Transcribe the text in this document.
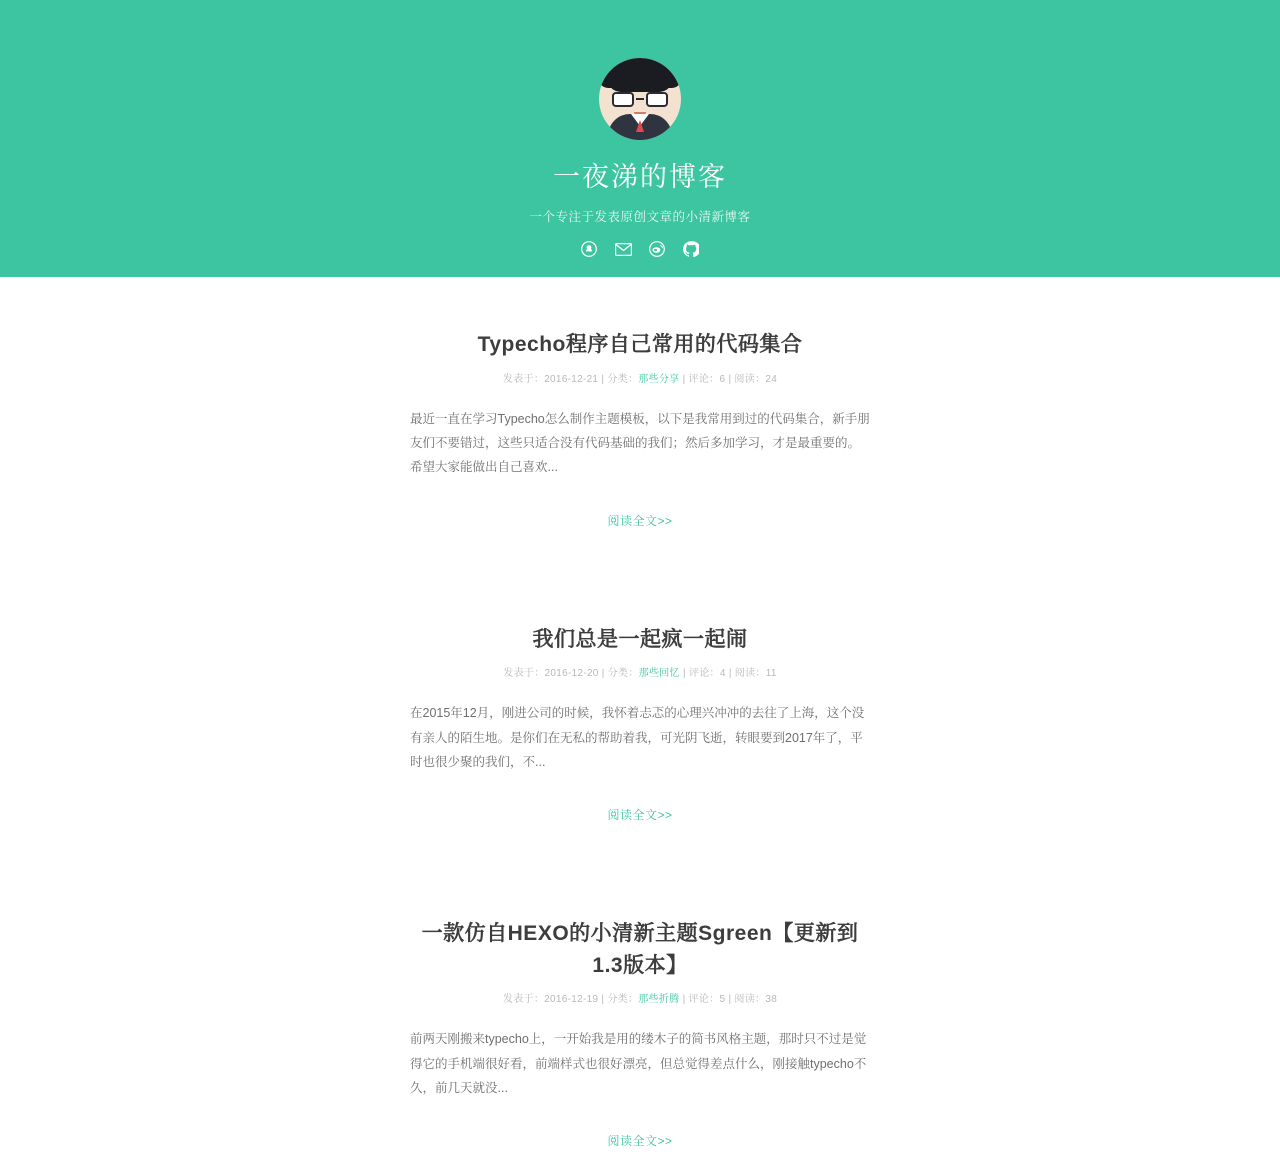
一夜涕的博客
一个专注于发表原创文章的小清新博客
首页	归档	友链	关于
Typecho程序自己常用的代码集合
发表于：2016-12-21 | 分类：那些分享 | 评论：6 | 阅读：24

最近一直在学习Typecho怎么制作主题模板，以下是我常用到过的代码集合，新手朋友们不要错过，这些只适合没有代码基础的我们；然后多加学习，才是最重要的。希望大家能做出自己喜欢...

阅读全文>>
我们总是一起疯一起闹
发表于：2016-12-20 | 分类：那些回忆 | 评论：4 | 阅读：11

在2015年12月，刚进公司的时候，我怀着忐忑的心理兴冲冲的去往了上海，这个没有亲人的陌生地。是你们在无私的帮助着我，可光阴飞逝，转眼要到2017年了，平时也很少聚的我们，不...

阅读全文>>
一款仿自HEXO的小清新主题Sgreen【更新到1.3版本】
发表于：2016-12-19 | 分类：那些折腾 | 评论：5 | 阅读：38

前两天刚搬来typecho上，一开始我是用的缕木子的简书风格主题，那时只不过是觉得它的手机端很好看，前端样式也很好漂亮，但总觉得差点什么，刚接触typecho不久，前几天就没...

阅读全文>>
